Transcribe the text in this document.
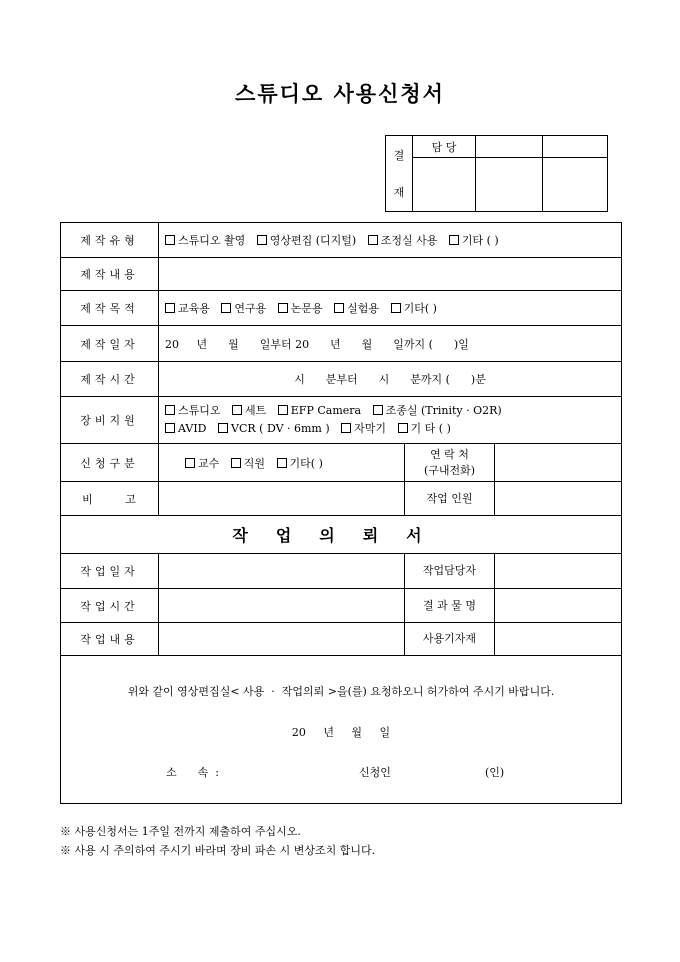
스튜디오 사용신청서
결
재	담 당		

제작유형	스튜디오 촬영 영상편집 (디지털) 조정실 사용 기타 ( )		
제작내용			
제작목적	교육용 연구용 논문용 실험용 기타( )		
제작일자	20     년      월      일부터 20      년      월      일까지 (      )일		
제작시간	시      분부터      시      분까지 (      )분		
장비지원	스튜디오 세트 EFP Camera 조종실 (Trinity · O2R)
AVID VCR ( DV · 6mm ) 자막기 기 타 ( )		

신청구분	교수 직원 기타( )	연 락 처
(구내전화)	

비       고		작업 인원	
작업의뢰서			
작업일자		작업담당자	
작업시간		결 과 물 명	
작업내용		사용기자재	

위와 같이 영상편집실< 사용  ·  작업의뢰 >을(를) 요청하오니 허가하여 주시기 바랍니다.
20     년     월     일
소      속  : 신청인 (인)			
※ 사용신청서는 1주일 전까지 제출하여 주십시오.
※ 사용 시 주의하여 주시기 바라며 장비 파손 시 변상조치 합니다.
